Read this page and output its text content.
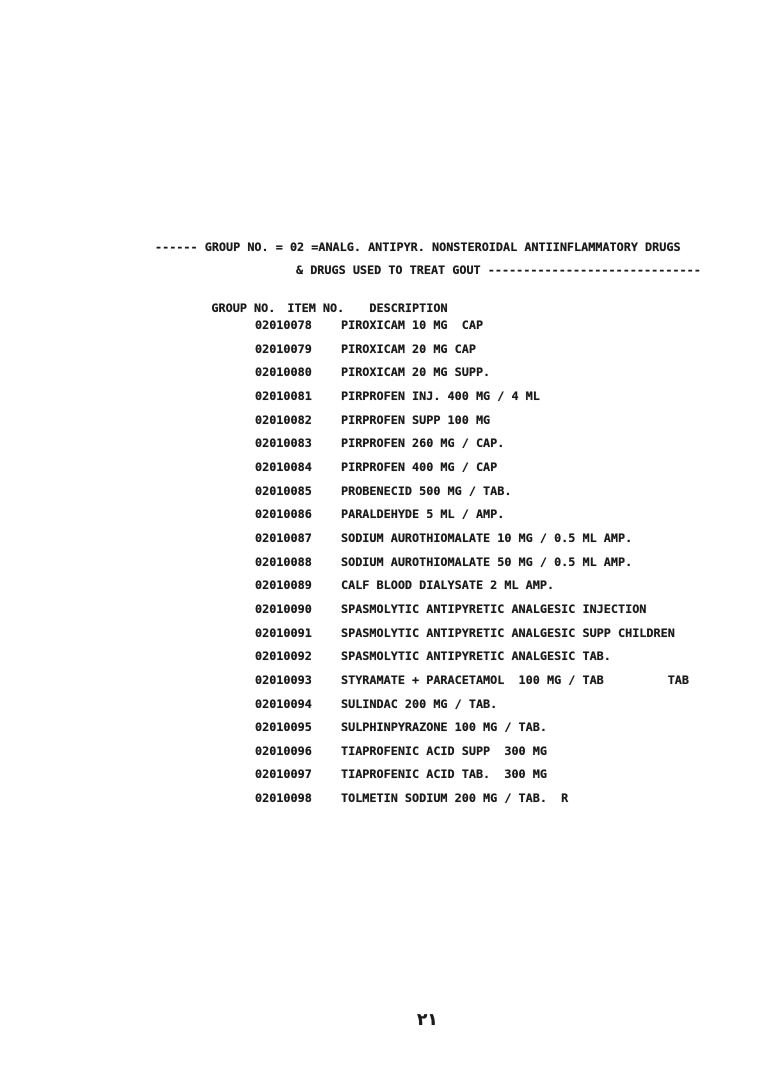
------ GROUP NO. = 02 =ANALG. ANTIPYR. NONSTEROIDAL ANTIINFLAMMATORY DRUGS
& DRUGS USED TO TREAT GOUT ------------------------------

GROUP NO. ITEM NO. DESCRIPTION

02010078	PIROXICAM 10 MG  CAP
02010079	PIROXICAM 20 MG CAP
02010080	PIROXICAM 20 MG SUPP.
02010081	PIRPROFEN INJ. 400 MG / 4 ML
02010082	PIRPROFEN SUPP 100 MG
02010083	PIRPROFEN 260 MG / CAP.
02010084	PIRPROFEN 400 MG / CAP
02010085	PROBENECID 500 MG / TAB.
02010086	PARALDEHYDE 5 ML / AMP.
02010087	SODIUM AUROTHIOMALATE 10 MG / 0.5 ML AMP.
02010088	SODIUM AUROTHIOMALATE 50 MG / 0.5 ML AMP.
02010089	CALF BLOOD DIALYSATE 2 ML AMP.
02010090	SPASMOLYTIC ANTIPYRETIC ANALGESIC INJECTION
02010091	SPASMOLYTIC ANTIPYRETIC ANALGESIC SUPP CHILDREN
02010092	SPASMOLYTIC ANTIPYRETIC ANALGESIC TAB.
02010093	STYRAMATE + PARACETAMOL  100 MG / TAB         TAB
02010094	SULINDAC 200 MG / TAB.
02010095	SULPHINPYRAZONE 100 MG / TAB.
02010096	TIAPROFENIC ACID SUPP  300 MG
02010097	TIAPROFENIC ACID TAB.  300 MG
02010098	TOLMETIN SODIUM 200 MG / TAB.  R
٢١
